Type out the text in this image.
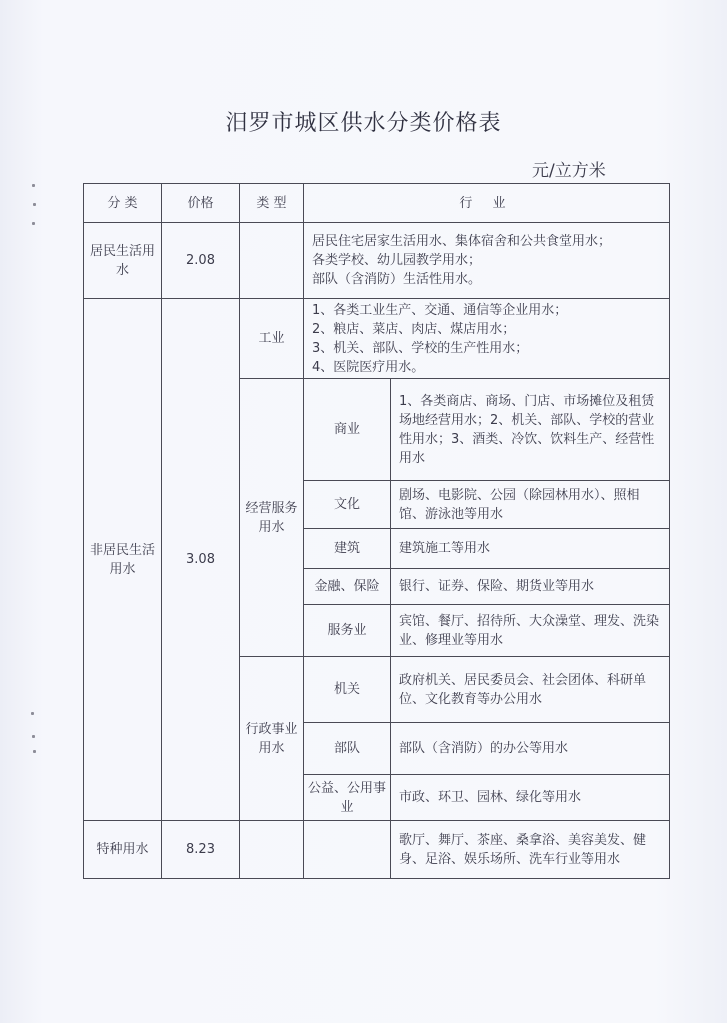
汨罗市城区供水分类价格表
元/立方米
分 类	价格	类 型	行 业	
居民生活用水	2.08		居民住宅居家生活用水、集体宿舍和公共食堂用水；
各类学校、幼儿园教学用水；
部队（含消防）生活性用水。	

非居民生活用水	3.08	工业	1、各类工业生产、交通、通信等企业用水；
2、粮店、菜店、肉店、煤店用水；
3、机关、部队、学校的生产性用水；
4、医院医疗用水。	

		经营服务用水	商业	1、各类商店、商场、门店、市场摊位及租赁场地经营用水；2、机关、部队、学校的营业性用水；3、酒类、冷饮、饮料生产、经营性用水
			文化	剧场、电影院、公园（除园林用水）、照相馆、游泳池等用水
			建筑	建筑施工等用水
			金融、保险	银行、证券、保险、期货业等用水
			服务业	宾馆、餐厅、招待所、大众澡堂、理发、洗染业、修理业等用水
		行政事业用水	机关	政府机关、居民委员会、社会团体、科研单位、文化教育等办公用水
			部队	部队（含消防）的办公等用水
			公益、公用事业	市政、环卫、园林、绿化等用水
特种用水	8.23			歌厅、舞厅、茶座、桑拿浴、美容美发、健身、足浴、娱乐场所、洗车行业等用水
